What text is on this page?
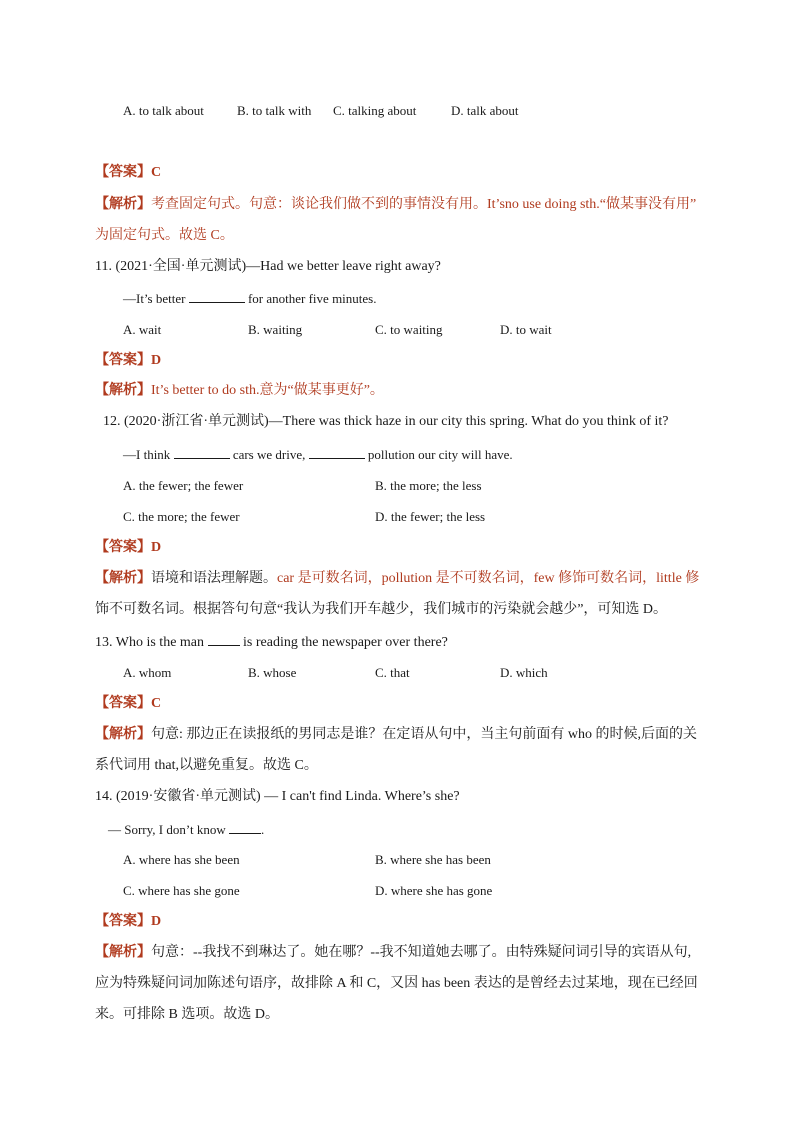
A. to talk about	B. to talk with C. talking about	D. talk about
【答案】C
【解析】考查固定句式。句意：谈论我们做不到的事情没有用。It’sno use doing sth.“做某事没有用”
为固定句式。故选 C。
11. (2021·全国·单元测试)—Had we better leave right away?
—It’s better	for another five minutes.
A. wait	B. waiting	C. to waiting	D. to wait
【答案】D
【解析】It’s better to do sth.意为“做某事更好”。
12. (2020·浙江省·单元测试)—There was thick haze in our city this spring. What do you think of it?
—I think	cars we drive,	pollution our city will have.
A. the fewer; the fewer	B. the more; the less
C. the more; the fewer	D. the fewer; the less
【答案】D
【解析】语境和语法理解题。car 是可数名词，pollution 是不可数名词，few 修饰可数名词，little 修
饰不可数名词。根据答句句意“我认为我们开车越少，我们城市的污染就会越少”，可知选 D。
13. Who is the man	is reading the newspaper over there?
A. whom	B. whose	C. that	D. which
【答案】C
【解析】句意: 那边正在读报纸的男同志是谁？在定语从句中，当主句前面有 who 的时候,后面的关
系代词用 that,以避免重复。故选 C。
14. (2019·安徽省·单元测试) — I can't find Linda. Where’s she?
— Sorry, I don’t know	.
A. where has she been	B. where she has been
C. where has she gone	D. where she has gone
【答案】D
【解析】句意：--我找不到琳达了。她在哪？--我不知道她去哪了。由特殊疑问词引导的宾语从句,
应为特殊疑问词加陈述句语序，故排除 A 和 C，又因 has been 表达的是曾经去过某地，现在已经回
来。可排除 B 选项。故选 D。
